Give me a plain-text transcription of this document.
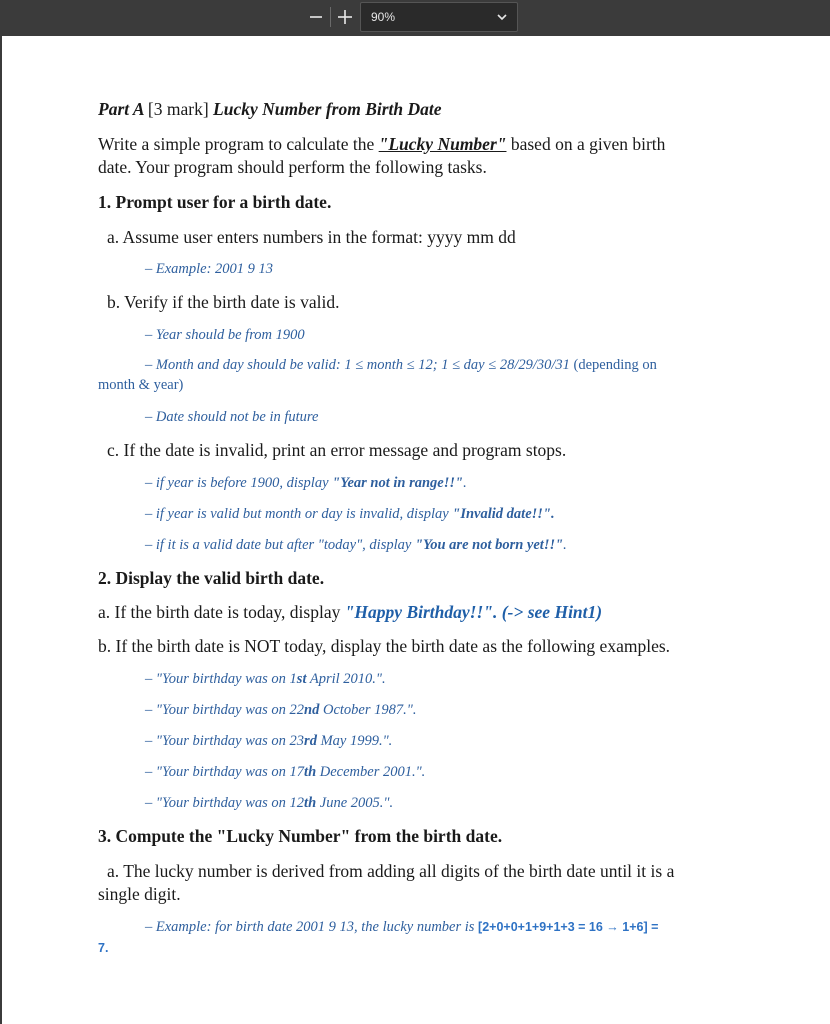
90%
Part A [3 mark] Lucky Number from Birth Date
Write a simple program to calculate the "Lucky Number" based on a given birth
date. Your program should perform the following tasks.
1. Prompt user for a birth date.
a. Assume user enters numbers in the format: yyyy mm dd
– Example: 2001 9 13
b. Verify if the birth date is valid.
– Year should be from 1900
– Month and day should be valid: 1 ≤ month ≤ 12; 1 ≤ day ≤ 28/29/30/31 (depending on
month & year)
– Date should not be in future
c. If the date is invalid, print an error message and program stops.
– if year is before 1900, display "Year not in range!!".
– if year is valid but month or day is invalid, display "Invalid date!!".
– if it is a valid date but after "today", display "You are not born yet!!".
2. Display the valid birth date.
a. If the birth date is today, display "Happy Birthday!!". (-> see Hint1)
b. If the birth date is NOT today, display the birth date as the following examples.
– "Your birthday was on 1st April 2010.".
– "Your birthday was on 22nd October 1987.".
– "Your birthday was on 23rd May 1999.".
– "Your birthday was on 17th December 2001.".
– "Your birthday was on 12th June 2005.".
3. Compute the "Lucky Number" from the birth date.
a. The lucky number is derived from adding all digits of the birth date until it is a
single digit.
– Example: for birth date 2001 9 13, the lucky number is [2+0+0+1+9+1+3 = 16 → 1+6] =
7.
